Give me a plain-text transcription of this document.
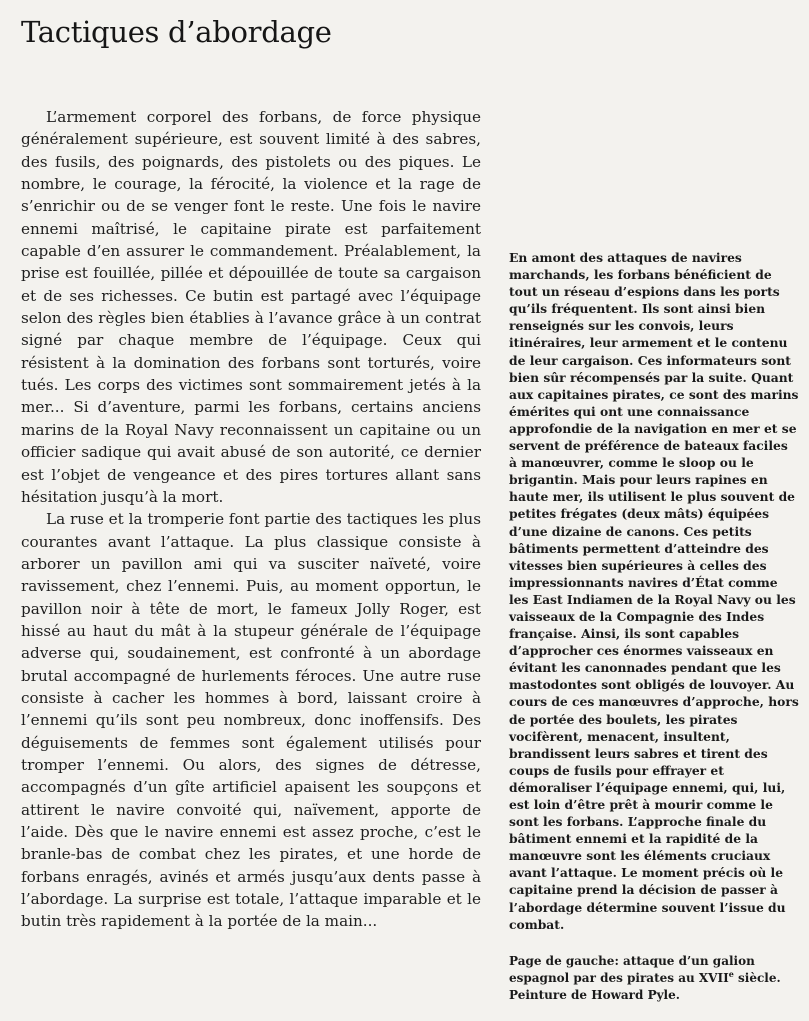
Tactiques d’abordage

L’armement corporel des forbans, de force physique généralement supérieure, est souvent limité à des sabres, des fusils, des poignards, des pistolets ou des piques. Le nombre, le courage, la férocité, la violence et la rage de s’enrichir ou de se venger font le reste. Une fois le navire ennemi maîtrisé, le capitaine pirate est parfaitement capable d’en assurer le commandement. Préalablement, la prise est fouillée, pillée et dépouillée de toute sa cargaison et de ses richesses. Ce butin est partagé avec l’équipage selon des règles bien établies à l’avance grâce à un contrat signé par chaque membre de l’équipage. Ceux qui résistent à la domination des forbans sont torturés, voire tués. Les corps des victimes sont sommairement jetés à la mer... Si d’aventure, parmi les forbans, certains anciens marins de la Royal Navy reconnaissent un capitaine ou un officier sadique qui avait abusé de son autorité, ce dernier est l’objet de vengeance et des pires tortures allant sans hésitation jusqu’à la mort.

La ruse et la tromperie font partie des tactiques les plus courantes avant l’attaque. La plus classique consiste à arborer un pavillon ami qui va susciter naïveté, voire ravissement, chez l’ennemi. Puis, au moment opportun, le pavillon noir à tête de mort, le fameux Jolly Roger, est hissé au haut du mât à la stupeur générale de l’équipage adverse qui, soudainement, est confronté à un abordage brutal accompagné de hurlements féroces. Une autre ruse consiste à cacher les hommes à bord, laissant croire à l’ennemi qu’ils sont peu nombreux, donc inoffensifs. Des déguisements de femmes sont également utilisés pour tromper l’ennemi. Ou alors, des signes de détresse, accompagnés d’un gîte artificiel apaisent les soupçons et attirent le navire convoité qui, naïvement, apporte de l’aide. Dès que le navire ennemi est assez proche, c’est le branle-bas de combat chez les pirates, et une horde de forbans enragés, avinés et armés jusqu’aux dents passe à l’abordage. La surprise est totale, l’attaque imparable et le butin très rapidement à la portée de la main...

En amont des attaques de navires marchands, les forbans bénéficient de tout un réseau d’espions dans les ports qu’ils fréquentent. Ils sont ainsi bien renseignés sur les convois, leurs itinéraires, leur armement et le contenu de leur cargaison. Ces informateurs sont bien sûr récompensés par la suite. Quant aux capitaines pirates, ce sont des marins émérites qui ont une connaissance approfondie de la navigation en mer et se servent de préférence de bateaux faciles à manœuvrer, comme le sloop ou le brigantin. Mais pour leurs rapines en haute mer, ils utilisent le plus souvent de petites frégates (deux mâts) équipées d’une dizaine de canons. Ces petits bâtiments permettent d’atteindre des vitesses bien supérieures à celles des impressionnants navires d’État comme les East Indiamen de la Royal Navy ou les vaisseaux de la Compagnie des Indes française. Ainsi, ils sont capables d’approcher ces énormes vaisseaux en évitant les canonnades pendant que les mastodontes sont obligés de louvoyer. Au cours de ces manœuvres d’approche, hors de portée des boulets, les pirates vocifèrent, menacent, insultent, brandissent leurs sabres et tirent des coups de fusils pour effrayer et démoraliser l’équipage ennemi, qui, lui, est loin d’être prêt à mourir comme le sont les forbans. L’approche finale du bâtiment ennemi et la rapidité de la manœuvre sont les éléments cruciaux avant l’attaque. Le moment précis où le capitaine prend la décision de passer à l’abordage détermine souvent l’issue du combat.

Page de gauche: attaque d’un galion espagnol par des pirates au XVIIe siècle. Peinture de Howard Pyle.
